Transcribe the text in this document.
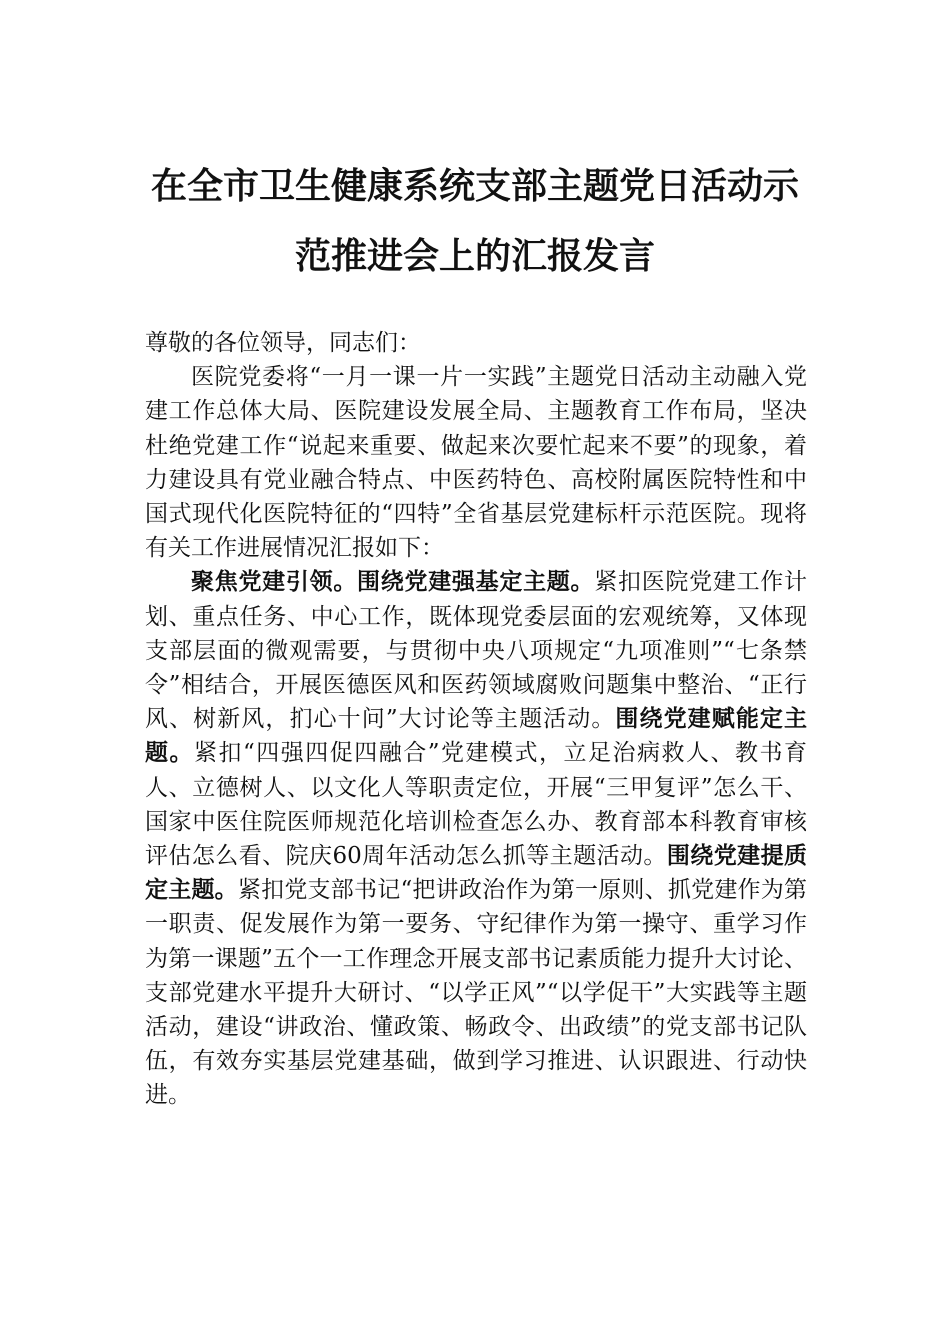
在全市卫生健康系统支部主题党日活动示
范推进会上的汇报发言

尊敬的各位领导，同志们：

医院党委将“一月一课一片一实践”主题党日活动主动融入党建工作总体大局、医院建设发展全局、主题教育工作布局，坚决杜绝党建工作“说起来重要、做起来次要忙起来不要”的现象，着力建设具有党业融合特点、中医药特色、高校附属医院特性和中国式现代化医院特征的“四特”全省基层党建标杆示范医院。现将有关工作进展情况汇报如下：

聚焦党建引领。围绕党建强基定主题。紧扣医院党建工作计划、重点任务、中心工作，既体现党委层面的宏观统筹，又体现支部层面的微观需要，与贯彻中央八项规定“九项准则”“七条禁令”相结合，开展医德医风和医药领域腐败问题集中整治、“正行风、树新风，扪心十问”大讨论等主题活动。围绕党建赋能定主题。紧扣“四强四促四融合”党建模式，立足治病救人、教书育人、立德树人、以文化人等职责定位，开展“三甲复评”怎么干、国家中医住院医师规范化培训检查怎么办、教育部本科教育审核评估怎么看、院庆60周年活动怎么抓等主题活动。围绕党建提质定主题。紧扣党支部书记“把讲政治作为第一原则、抓党建作为第一职责、促发展作为第一要务、守纪律作为第一操守、重学习作为第一课题”五个一工作理念开展支部书记素质能力提升大讨论、支部党建水平提升大研讨、“以学正风”“以学促干”大实践等主题活动，建设“讲政治、懂政策、畅政令、出政绩”的党支部书记队伍，有效夯实基层党建基础，做到学习推进、认识跟进、行动快进。
